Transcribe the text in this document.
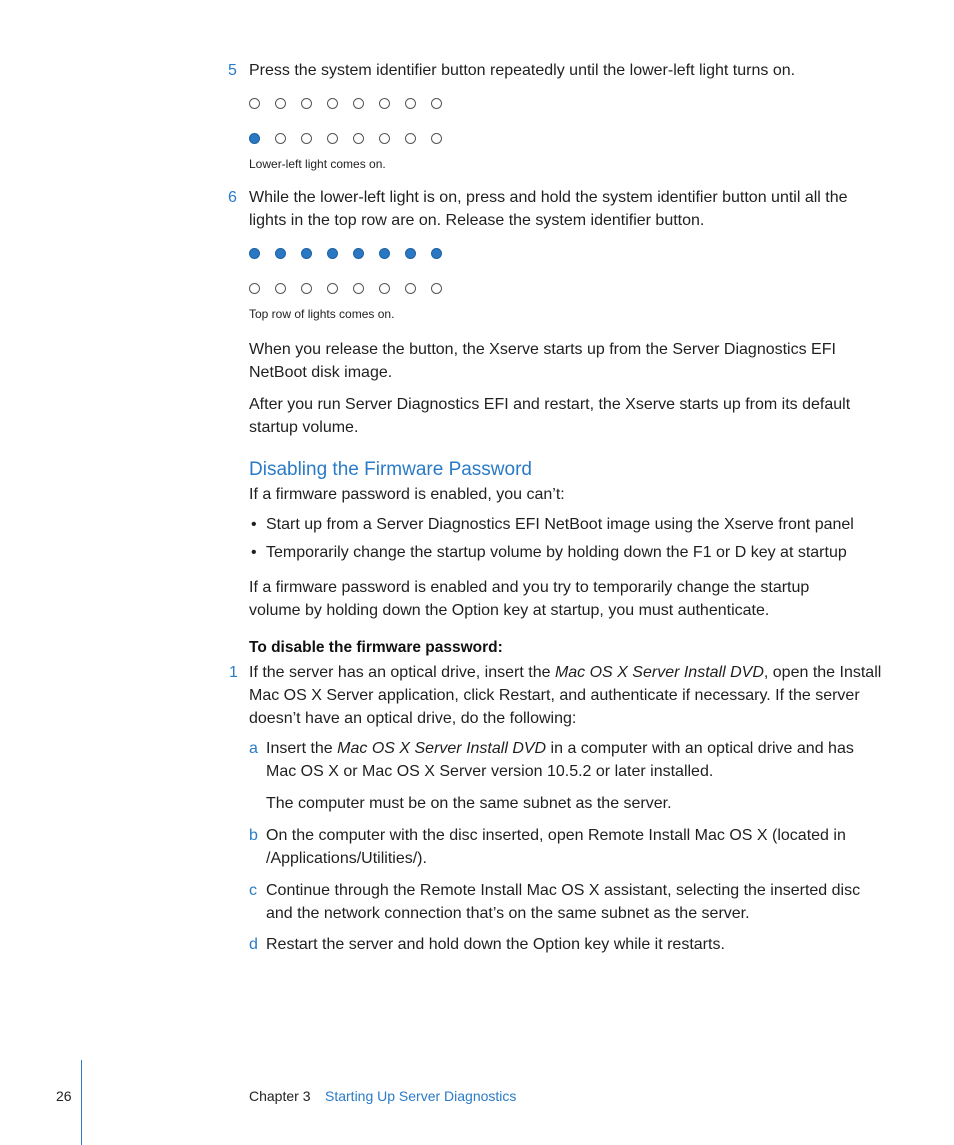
5 Press the system identifier button repeatedly until the lower-left light turns on.
Lower-left light comes on.
6 While the lower-left light is on, press and hold the system identifier button until all the
lights in the top row are on. Release the system identifier button.
Top row of lights comes on.
When you release the button, the Xserve starts up from the Server Diagnostics EFI
NetBoot disk image.
After you run Server Diagnostics EFI and restart, the Xserve starts up from its default
startup volume.
Disabling the Firmware Password
If a firmware password is enabled, you can’t:
• Start up from a Server Diagnostics EFI NetBoot image using the Xserve front panel
• Temporarily change the startup volume by holding down the F1 or D key at startup
If a firmware password is enabled and you try to temporarily change the startup
volume by holding down the Option key at startup, you must authenticate.
To disable the firmware password:
1 If the server has an optical drive, insert the Mac OS X Server Install DVD, open the Install
Mac OS X Server application, click Restart, and authenticate if necessary. If the server
doesn’t have an optical drive, do the following:
a Insert the Mac OS X Server Install DVD in a computer with an optical drive and has
Mac OS X or Mac OS X Server version 10.5.2 or later installed.
The computer must be on the same subnet as the server.
b On the computer with the disc inserted, open Remote Install Mac OS X (located in
/Applications/Utilities/).
c Continue through the Remote Install Mac OS X assistant, selecting the inserted disc
and the network connection that’s on the same subnet as the server.
d Restart the server and hold down the Option key while it restarts.
26	Chapter 3 Starting Up Server Diagnostics
